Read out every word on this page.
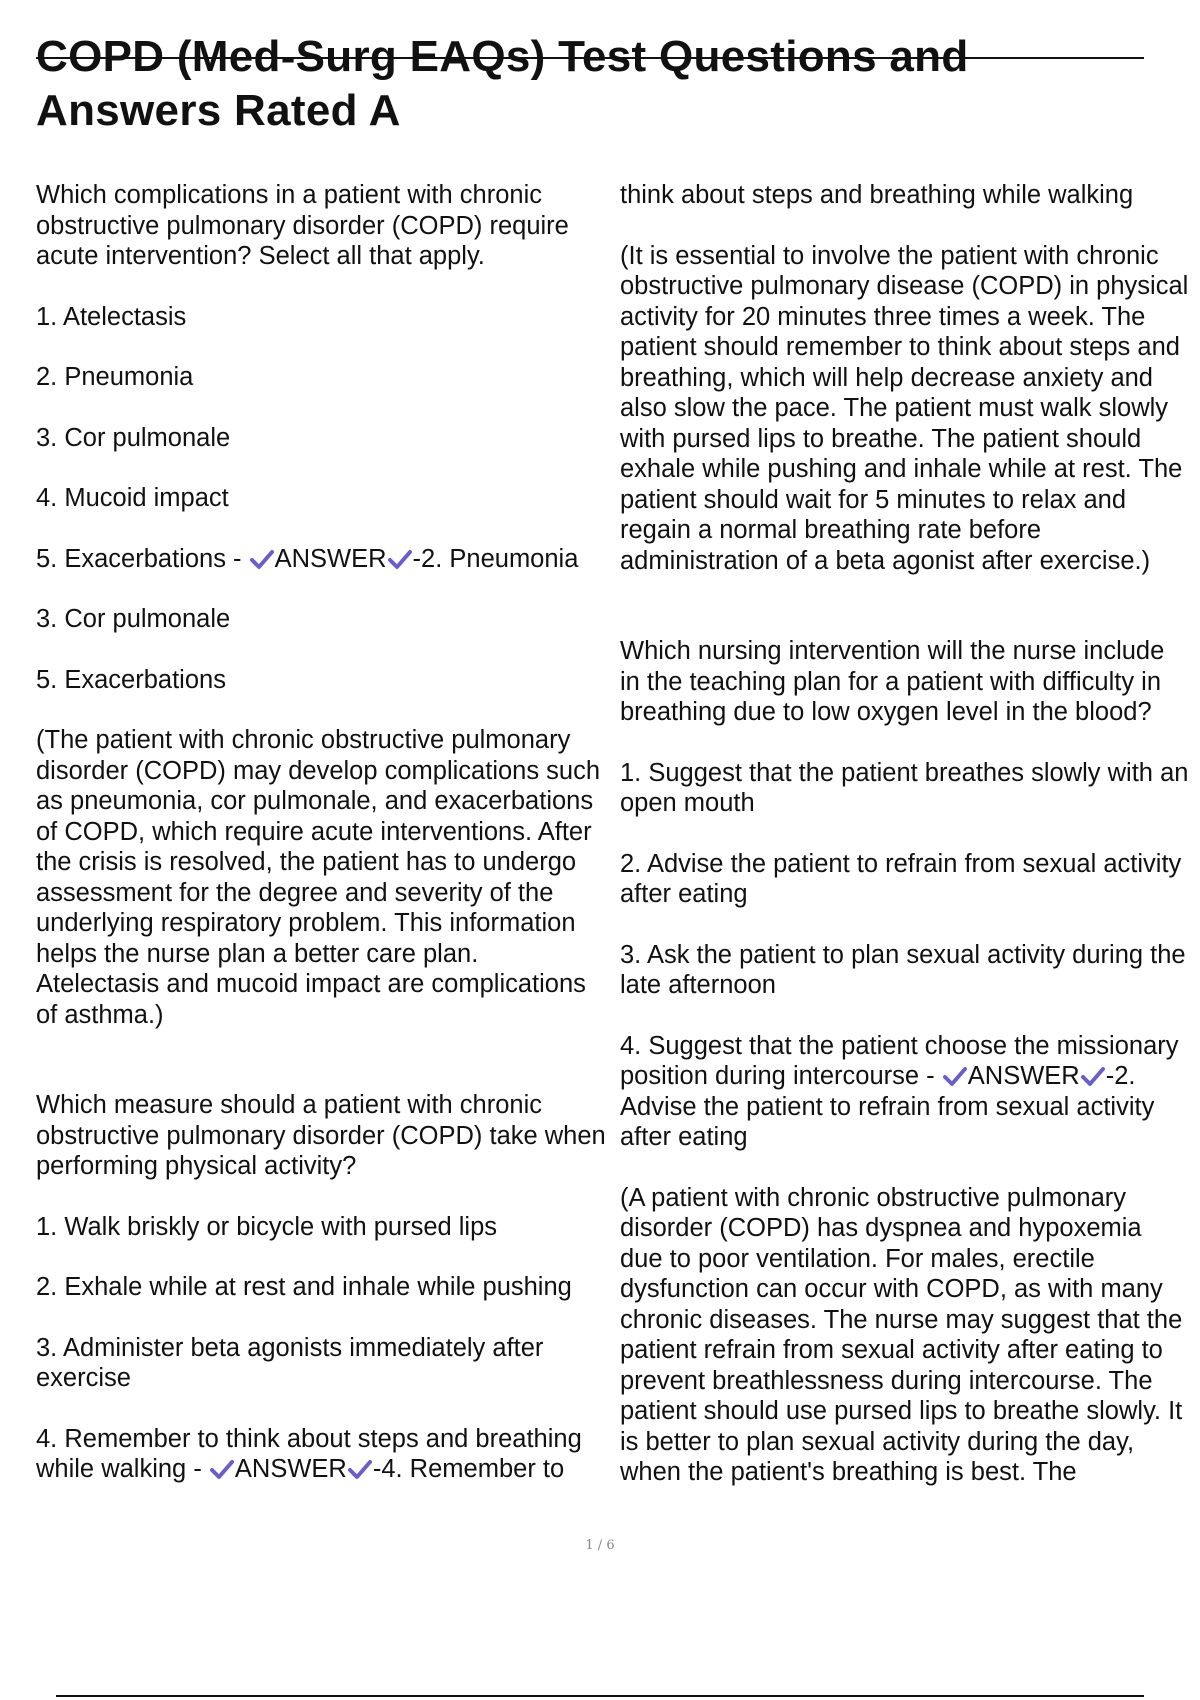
COPD (Med-Surg EAQs) Test Questions and Answers Rated A

Which complications in a patient with chronic obstructive pulmonary disorder (COPD) require acute intervention? Select all that apply.

1. Atelectasis

2. Pneumonia

3. Cor pulmonale

4. Mucoid impact

5. Exacerbations - ANSWER -2. Pneumonia

3. Cor pulmonale

5. Exacerbations

(The patient with chronic obstructive pulmonary disorder (COPD) may develop complications such as pneumonia, cor pulmonale, and exacerbations of COPD, which require acute interventions. After the crisis is resolved, the patient has to undergo assessment for the degree and severity of the underlying respiratory problem. This information helps the nurse plan a better care plan. Atelectasis and mucoid impact are complications of asthma.)

Which measure should a patient with chronic obstructive pulmonary disorder (COPD) take when performing physical activity?

1. Walk briskly or bicycle with pursed lips

2. Exhale while at rest and inhale while pushing

3. Administer beta agonists immediately after exercise

4. Remember to think about steps and breathing while walking - ANSWER -4. Remember to

think about steps and breathing while walking

(It is essential to involve the patient with chronic obstructive pulmonary disease (COPD) in physical activity for 20 minutes three times a week. The patient should remember to think about steps and breathing, which will help decrease anxiety and also slow the pace. The patient must walk slowly with pursed lips to breathe. The patient should exhale while pushing and inhale while at rest. The patient should wait for 5 minutes to relax and regain a normal breathing rate before administration of a beta agonist after exercise.)

Which nursing intervention will the nurse include in the teaching plan for a patient with difficulty in breathing due to low oxygen level in the blood?

1. Suggest that the patient breathes slowly with an open mouth

2. Advise the patient to refrain from sexual activity after eating

3. Ask the patient to plan sexual activity during the late afternoon

4. Suggest that the patient choose the missionary position during intercourse - ANSWER -2. Advise the patient to refrain from sexual activity after eating

(A patient with chronic obstructive pulmonary disorder (COPD) has dyspnea and hypoxemia due to poor ventilation. For males, erectile dysfunction can occur with COPD, as with many chronic diseases. The nurse may suggest that the patient refrain from sexual activity after eating to prevent breathlessness during intercourse. The patient should use pursed lips to breathe slowly. It is better to plan sexual activity during the day, when the patient's breathing is best. The

1 / 6
